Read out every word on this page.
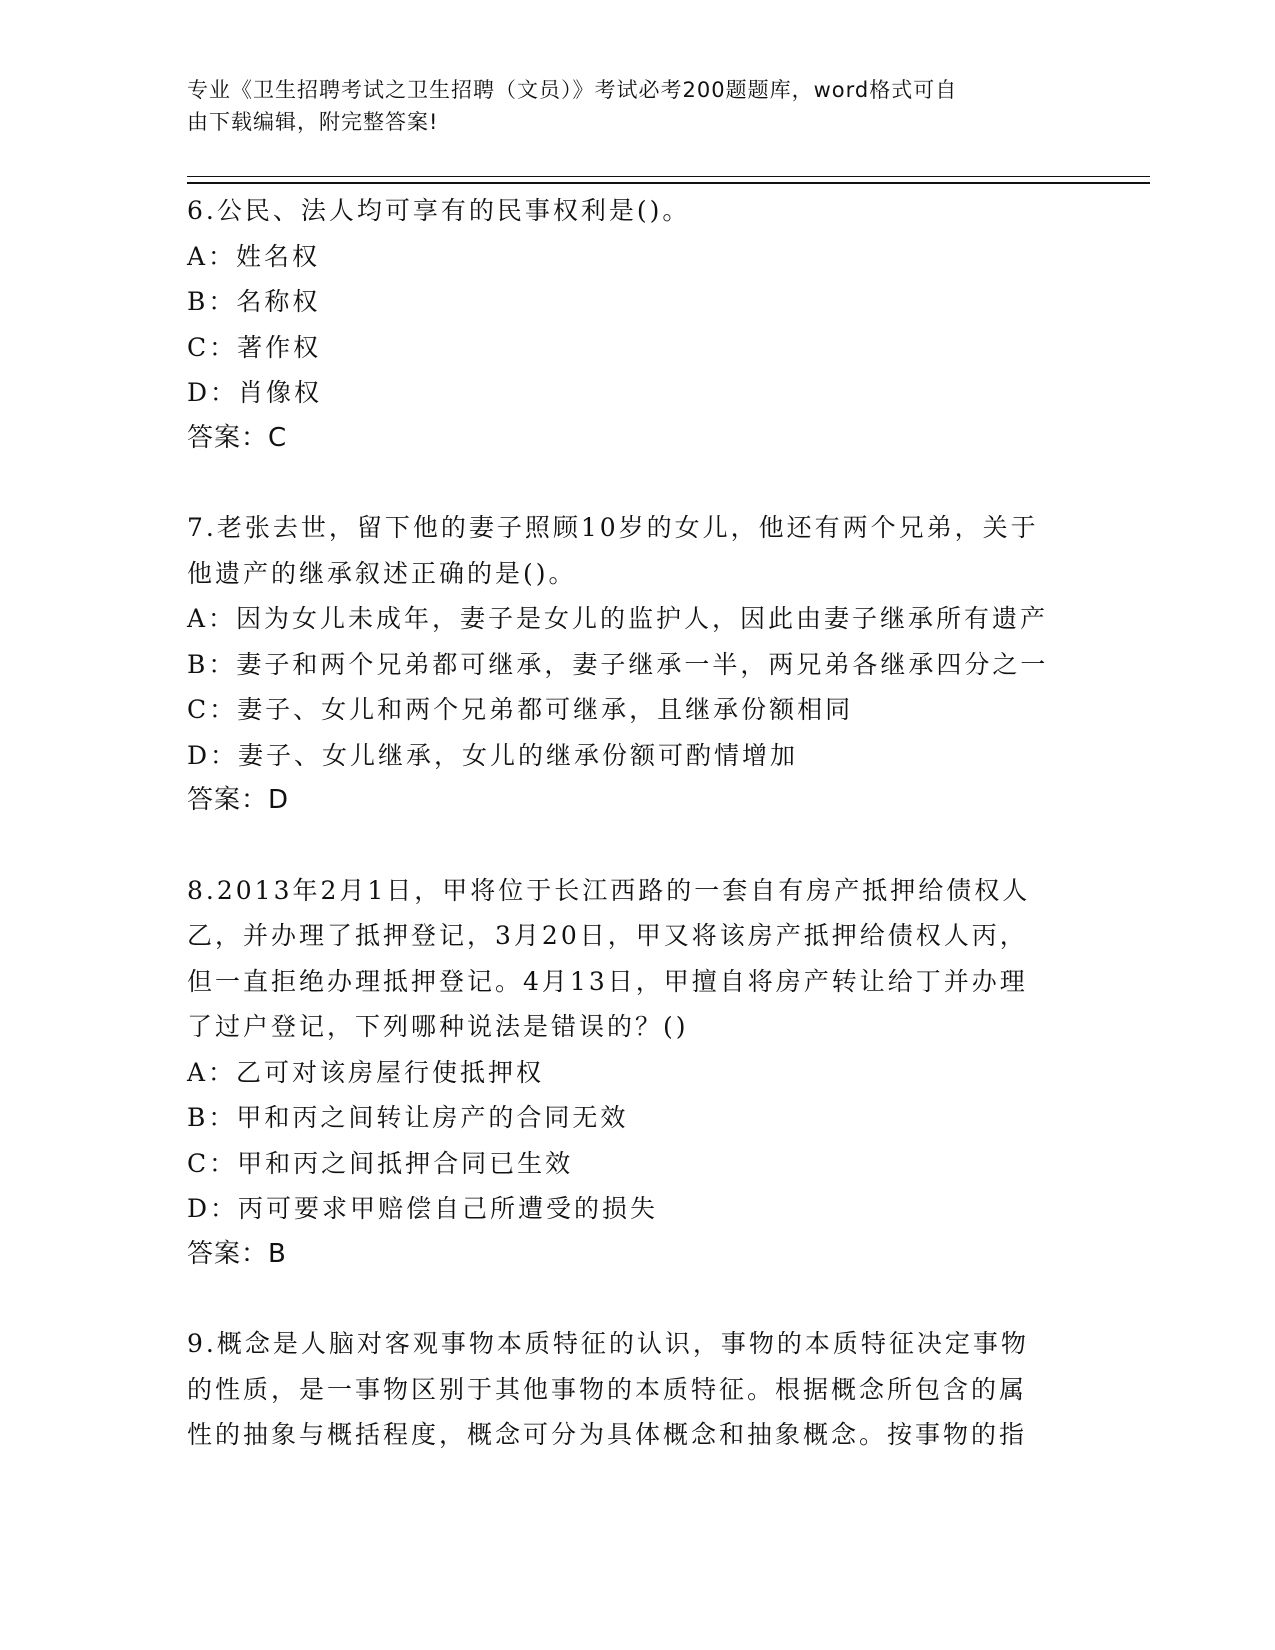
专业《卫生招聘考试之卫生招聘（文员）》考试必考200题题库，word格式可自
由下载编辑，附完整答案!
6.公民、法人均可享有的民事权利是()。
A：姓名权
B：名称权
C：著作权
D：肖像权
答案：C
7.老张去世，留下他的妻子照顾10岁的女儿，他还有两个兄弟，关于
他遗产的继承叙述正确的是()。
A：因为女儿未成年，妻子是女儿的监护人，因此由妻子继承所有遗产
B：妻子和两个兄弟都可继承，妻子继承一半，两兄弟各继承四分之一
C：妻子、女儿和两个兄弟都可继承，且继承份额相同
D：妻子、女儿继承，女儿的继承份额可酌情增加
答案：D
8.2013年2月1日，甲将位于长江西路的一套自有房产抵押给债权人
乙，并办理了抵押登记，3月20日，甲又将该房产抵押给债权人丙，
但一直拒绝办理抵押登记。4月13日，甲擅自将房产转让给丁并办理
了过户登记，下列哪种说法是错误的？()
A：乙可对该房屋行使抵押权
B：甲和丙之间转让房产的合同无效
C：甲和丙之间抵押合同已生效
D：丙可要求甲赔偿自己所遭受的损失
答案：B
9.概念是人脑对客观事物本质特征的认识，事物的本质特征决定事物
的性质，是一事物区别于其他事物的本质特征。根据概念所包含的属
性的抽象与概括程度，概念可分为具体概念和抽象概念。按事物的指
